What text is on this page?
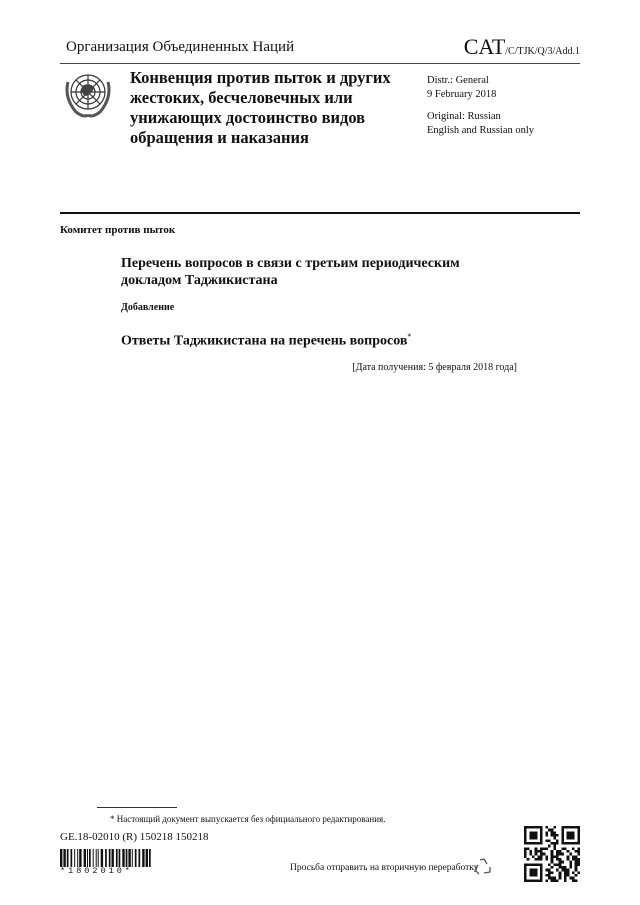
Организация Объединенных Наций	CAT/C/TJK/Q/3/Add.1
Конвенция против пыток и других жестоких, бесчеловечных или унижающих достоинство видов обращения и наказания
Distr.: General
9 February 2018
Original: Russian
English and Russian only
Комитет против пыток
Перечень вопросов в связи с третьим периодическим докладом Таджикистана
Добавление
Ответы Таджикистана на перечень вопросов*
[Дата получения: 5 февраля 2018 года]
* Настоящий документ выпускается без официального редактирования.
GE.18-02010 (R) 150218 150218
*1802010*	Просьба отправить на вторичную переработку
